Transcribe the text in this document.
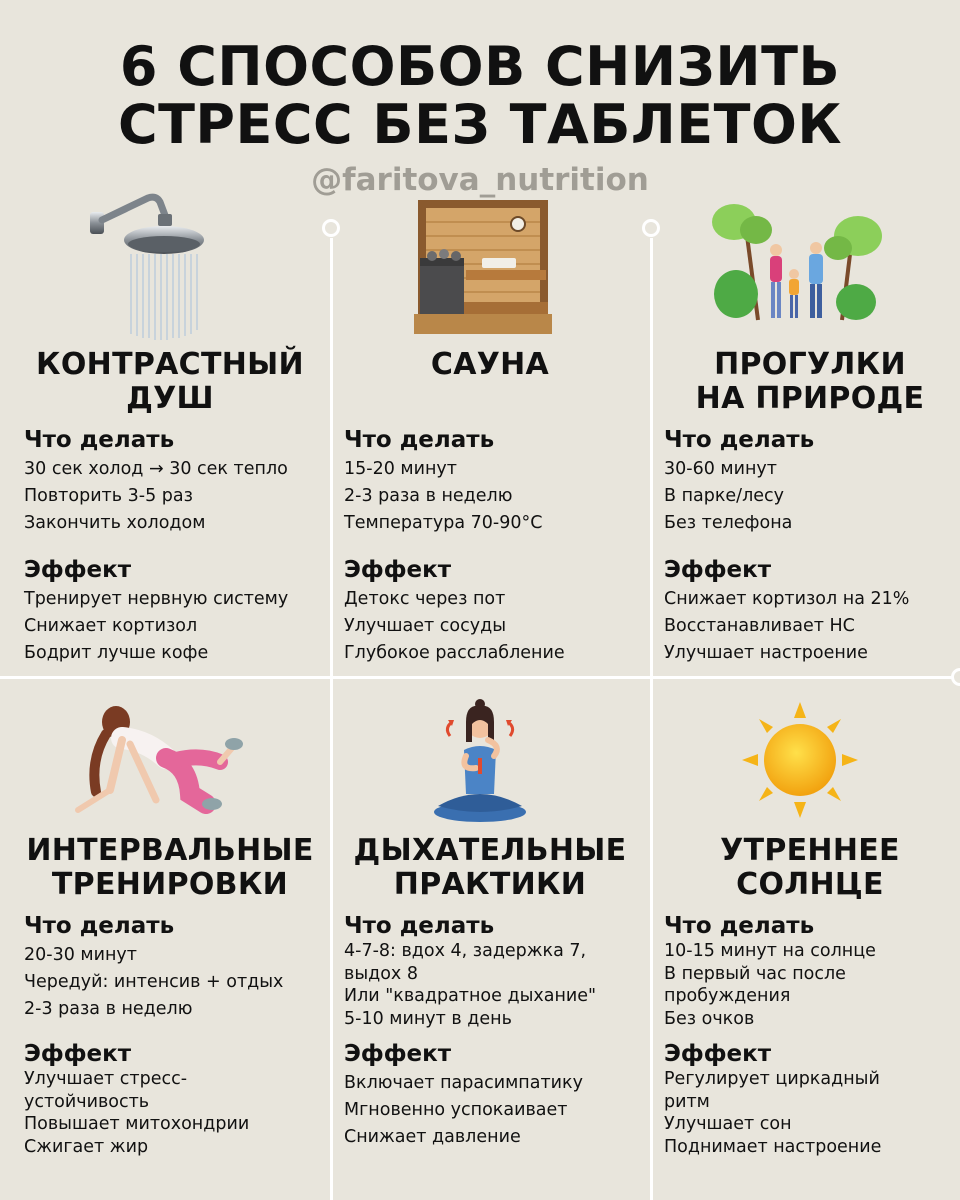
6 СПОСОБОВ СНИЗИТЬ
СТРЕСС БЕЗ ТАБЛЕТОК

@faritova_nutrition

КОНТРАСТНЫЙ
ДУШ
Что делать
30 сек холод → 30 сек тепло
Повторить 3-5 раз
Закончить холодом
Эффект
Тренирует нервную систему
Снижает кортизол
Бодрит лучше кофе
САУНА
Что делать
15-20 минут
2-3 раза в неделю
Температура 70-90°C
Эффект
Детокс через пот
Улучшает сосуды
Глубокое расслабление
ПРОГУЛКИ
НА ПРИРОДЕ
Что делать
30-60 минут
В парке/лесу
Без телефона
Эффект
Снижает кортизол на 21%
Восстанавливает НС
Улучшает настроение
ИНТЕРВАЛЬНЫЕ
ТРЕНИРОВКИ
Что делать
20-30 минут
Чередуй: интенсив + отдых
2-3 раза в неделю
Эффект
Улучшает стресс-
устойчивость
Повышает митохондрии
Сжигает жир
ДЫХАТЕЛЬНЫЕ
ПРАКТИКИ
Что делать
4-7-8: вдох 4, задержка 7,
выдох 8
Или "квадратное дыхание"
5-10 минут в день
Эффект
Включает парасимпатику
Мгновенно успокаивает
Снижает давление
УТРЕННЕЕ
СОЛНЦЕ
Что делать
10-15 минут на солнце
В первый час после
пробуждения
Без очков
Эффект
Регулирует циркадный
ритм
Улучшает сон
Поднимает настроение
